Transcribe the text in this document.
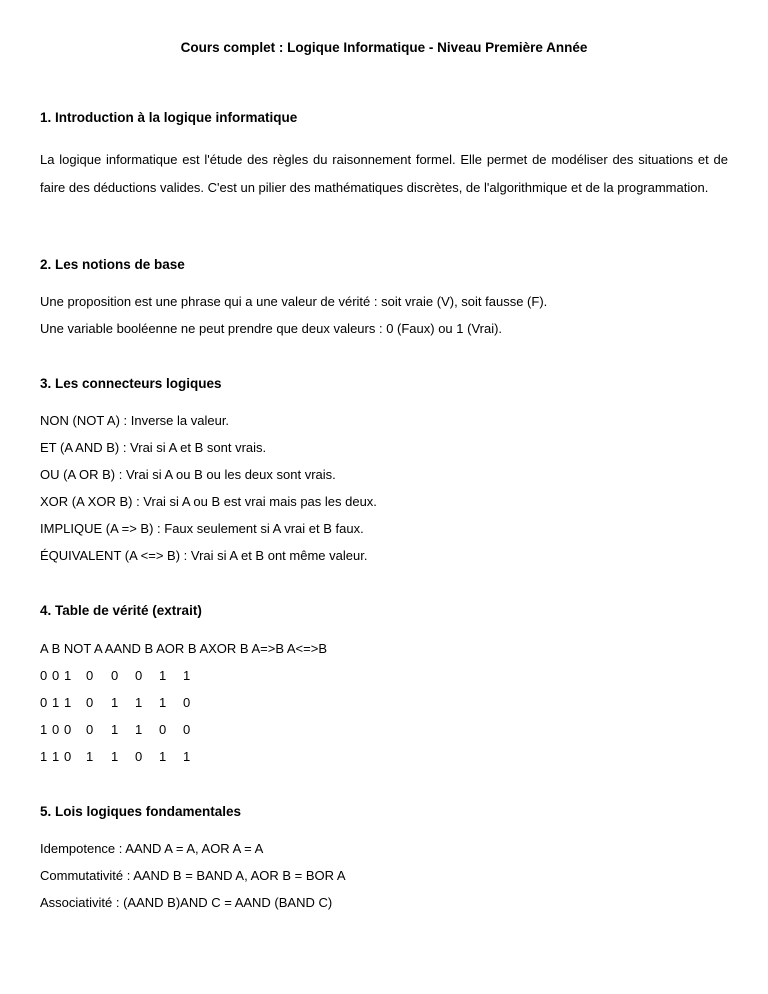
Cours complet : Logique Informatique - Niveau Première Année
1. Introduction à la logique informatique

La logique informatique est l'étude des règles du raisonnement formel. Elle permet de modéliser des situations et de faire des déductions valides. C'est un pilier des mathématiques discrètes, de l'algorithmique et de la programmation.

2. Les notions de base

Une proposition est une phrase qui a une valeur de vérité : soit vraie (V), soit fausse (F).

Une variable booléenne ne peut prendre que deux valeurs : 0 (Faux) ou 1 (Vrai).

3. Les connecteurs logiques

NON (NOT A) : Inverse la valeur.

ET (A AND B) : Vrai si A et B sont vrais.

OU (A OR B) : Vrai si A ou B ou les deux sont vrais.

XOR (A XOR B) : Vrai si A ou B est vrai mais pas les deux.

IMPLIQUE (A => B) : Faux seulement si A vrai et B faux.

ÉQUIVALENT (A <=> B) : Vrai si A et B ont même valeur.

4. Table de vérité (extrait)

A B NOT A AAND B AOR B AXOR B A=>B A<=>B

0 0 1 0 0 0 1 1
0 1 1 0 1 1 1 0
1 0 0 0 1 1 0 0
1 1 0 1 1 0 1 1
5. Lois logiques fondamentales

Idempotence : AAND A = A, AOR A = A

Commutativité : AAND B = BAND A, AOR B = BOR A

Associativité : (AAND B)AND C = AAND (BAND C)
